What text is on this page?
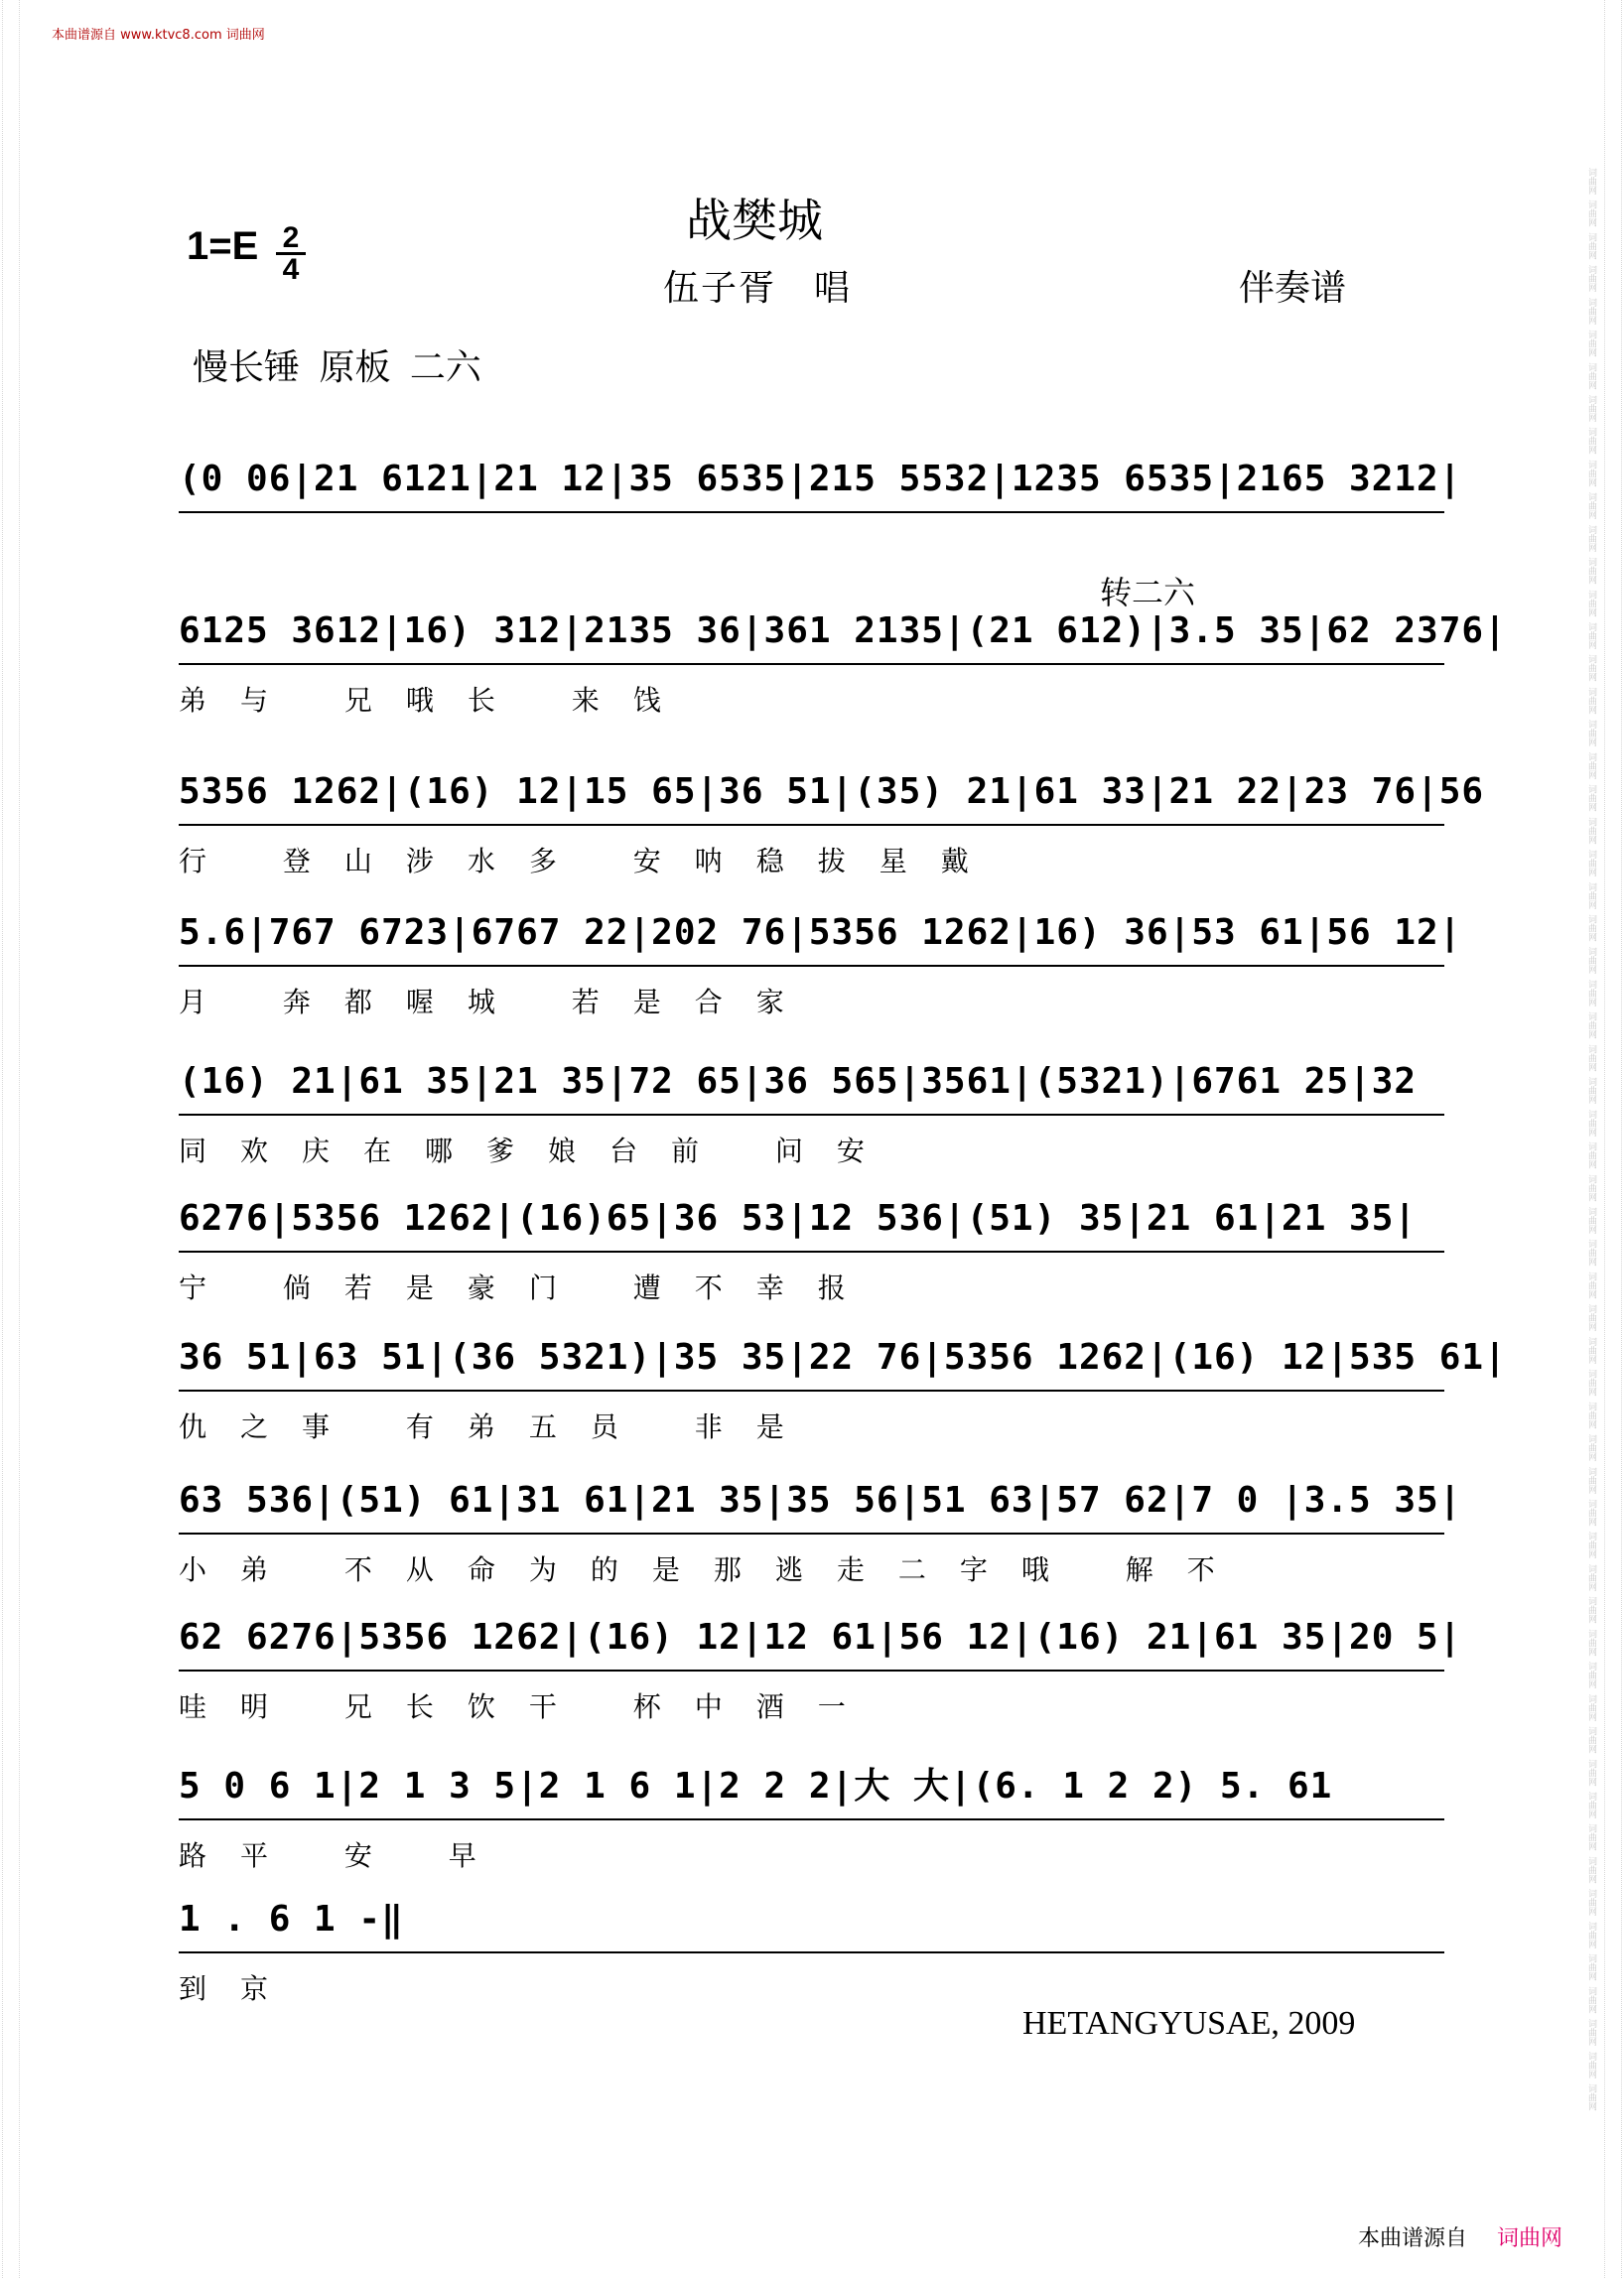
词曲网  词曲网  词曲网  词曲网  词曲网  词曲网  词曲网  词曲网  词曲网  词曲网  词曲网  词曲网  词曲网  词曲网  词曲网  词曲网  词曲网  词曲网  词曲网  词曲网  词曲网  词曲网  词曲网  词曲网  词曲网  词曲网  词曲网  词曲网  词曲网  词曲网  词曲网  词曲网  词曲网  词曲网  词曲网  词曲网  词曲网  词曲网  词曲网  词曲网  词曲网  词曲网  词曲网  词曲网  词曲网  词曲网  词曲网  词曲网  词曲网  词曲网  词曲网  词曲网  词曲网  词曲网  词曲网  词曲网  词曲网  词曲网  词曲网  词曲网
本曲谱源自 www.ktvc8.com 词曲网
战樊城
1=E 2
4	伍子胥　唱	伴奏谱
慢长锤 原板 二六
转二六
(0 06|21 6121|21 12|35 6535|215 5532|1235 6535|2165 3212|
6125 3612|16) 312|2135 36|361 2135|(21 612)|3.5 35|62 2376|
弟与 兄哦长 来饯
5356 1262|(16) 12|15 65|36 51|(35) 21|61 33|21 22|23 76|56
行 登山涉水多 安呐稳拔星戴
5.6|767 6723|6767 22|202 76|5356 1262|16) 36|53 61|56 12|
月 奔都喔城 若是合家
(16) 21|61 35|21 35|72 65|36 565|3561|(5321)|6761 25|32
同欢庆在哪爹娘台前 问安
6276|5356 1262|(16)65|36 53|12 536|(51) 35|21 61|21 35|
宁 倘若是豪门 遭不幸报
36 51|63 51|(36 5321)|35 35|22 76|5356 1262|(16) 12|535 61|
仇之事 有弟五员 非是
63 536|(51) 61|31 61|21 35|35 56|51 63|57 62|7 0 |3.5 35|
小弟 不从命为的是那逃走二字哦 解不
62 6276|5356 1262|(16) 12|12 61|56 12|(16) 21|61 35|20 5|
哇明 兄长饮干 杯中酒一
5 0 6 1|2 1 3 5|2 1 6 1|2 2 2|大 大|(6. 1 2 2) 5. 61
路平 安 早
1 . 6 1 -‖
到京
HETANGYUSAE, 2009
本曲谱源自 词曲网
